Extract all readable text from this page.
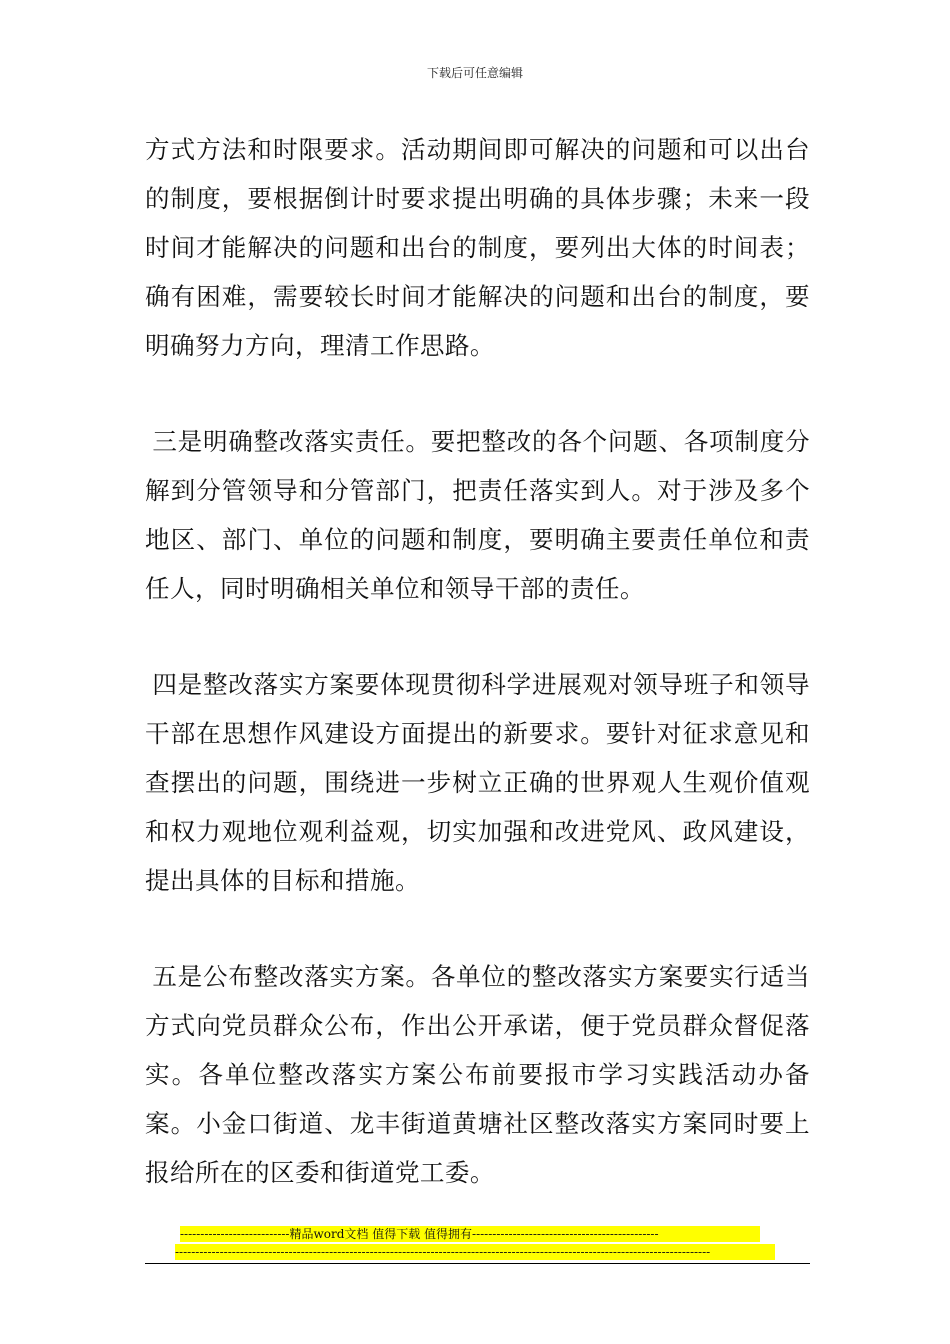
下载后可任意编辑

方式方法和时限要求。活动期间即可解决的问题和可以出台的制度，要根据倒计时要求提出明确的具体步骤；未来一段时间才能解决的问题和出台的制度，要列出大体的时间表；确有困难，需要较长时间才能解决的问题和出台的制度，要明确努力方向，理清工作思路。

三是明确整改落实责任。要把整改的各个问题、各项制度分解到分管领导和分管部门，把责任落实到人。对于涉及多个地区、部门、单位的问题和制度，要明确主要责任单位和责任人，同时明确相关单位和领导干部的责任。

四是整改落实方案要体现贯彻科学进展观对领导班子和领导干部在思想作风建设方面提出的新要求。要针对征求意见和查摆出的问题，围绕进一步树立正确的世界观人生观价值观和权力观地位观利益观，切实加强和改进党风、政风建设，提出具体的目标和措施。

五是公布整改落实方案。各单位的整改落实方案要实行适当方式向党员群众公布，作出公开承诺，便于党员群众督促落实。各单位整改落实方案公布前要报市学习实践活动办备案。小金口街道、龙丰街道黄塘社区整改落实方案同时要上报给所在的区委和街道党工委。

---------------------------精品word文档 值得下载 值得拥有----------------------------------------------
------------------------------------------------------------------------------------------------------------------------------------
